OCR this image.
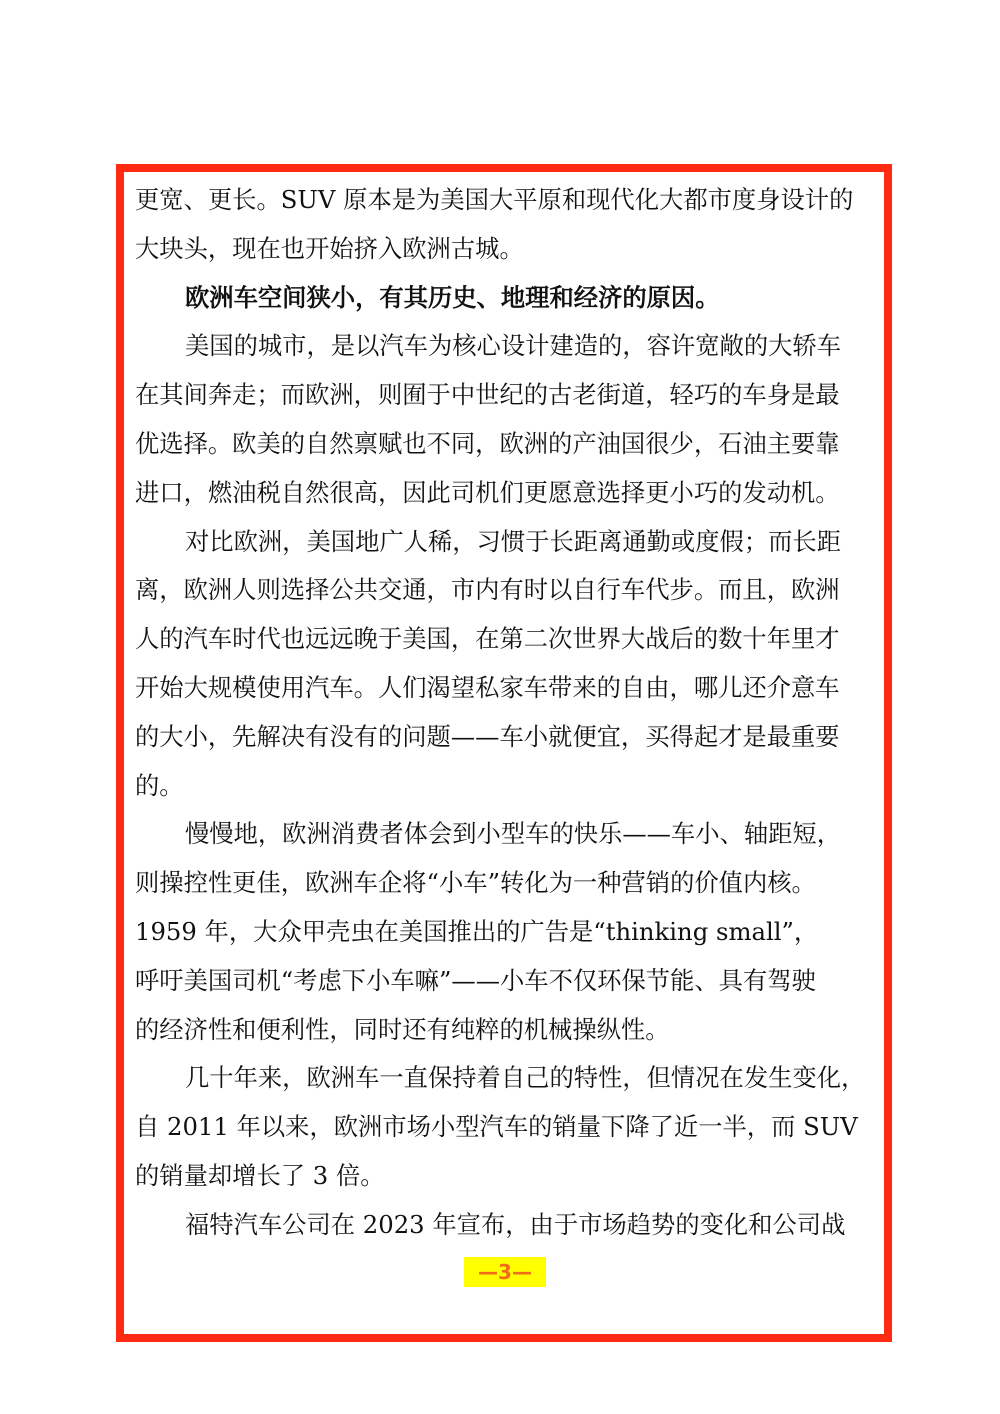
更宽、更长。SUV 原本是为美国大平原和现代化大都市度身设计的
大块头，现在也开始挤入欧洲古城。
欧洲车空间狭小，有其历史、地理和经济的原因。
美国的城市，是以汽车为核心设计建造的，容许宽敞的大轿车
在其间奔走；而欧洲，则囿于中世纪的古老街道，轻巧的车身是最
优选择。欧美的自然禀赋也不同，欧洲的产油国很少，石油主要靠
进口，燃油税自然很高，因此司机们更愿意选择更小巧的发动机。
对比欧洲，美国地广人稀，习惯于长距离通勤或度假；而长距
离，欧洲人则选择公共交通，市内有时以自行车代步。而且，欧洲
人的汽车时代也远远晚于美国，在第二次世界大战后的数十年里才
开始大规模使用汽车。人们渴望私家车带来的自由，哪儿还介意车
的大小，先解决有没有的问题——车小就便宜，买得起才是最重要
的。
慢慢地，欧洲消费者体会到小型车的快乐——车小、轴距短，
则操控性更佳，欧洲车企将“小车”转化为一种营销的价值内核。
1959 年，大众甲壳虫在美国推出的广告是“thinking small”，
呼吁美国司机“考虑下小车嘛”——小车不仅环保节能、具有驾驶
的经济性和便利性，同时还有纯粹的机械操纵性。
几十年来，欧洲车一直保持着自己的特性，但情况在发生变化，
自 2011 年以来，欧洲市场小型汽车的销量下降了近一半，而 SUV
的销量却增长了 3 倍。
福特汽车公司在 2023 年宣布，由于市场趋势的变化和公司战
—3—
